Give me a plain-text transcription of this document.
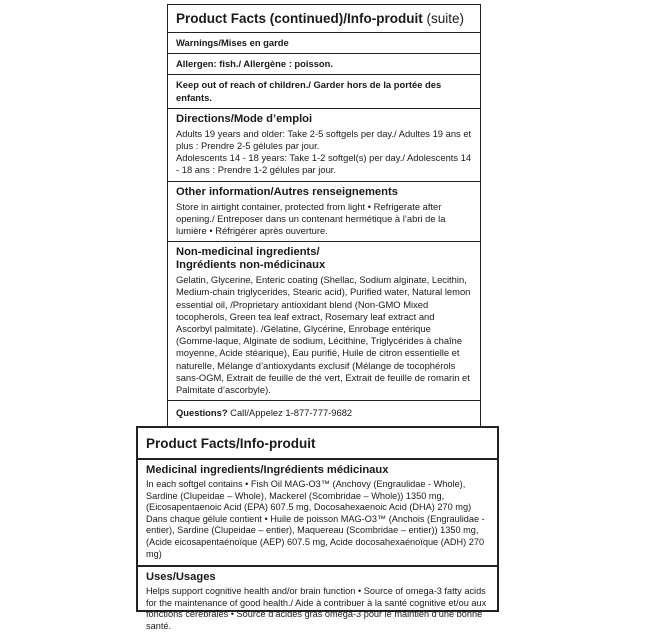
Product Facts (continued)/Info-produit (suite)

Warnings/Mises en garde

Allergen: fish./ Allergène : poisson.

Keep out of reach of children./ Garder hors de la portée des enfants.

Directions/Mode d’emploi

Adults 19 years and older: Take 2-5 softgels per day./ Adultes 19 ans et plus : Prendre 2-5 gélules par jour.

Adolescents 14 - 18 years: Take 1-2 softgel(s) per day./ Adolescents 14 - 18 ans : Prendre 1-2 gélules par jour.

Other information/Autres renseignements

Store in airtight container, protected from light • Refrigerate after opening./ Entreposer dans un contenant hermétique à l’abri de la lumière • Réfrigérer après ouverture.

Non-medicinal ingredients/

Ingrédients non-médicinaux

Gelatin, Glycerine, Enteric coating (Shellac, Sodium alginate, Lecithin, Medium-chain triglycerides, Stearic acid), Purified water, Natural lemon essential oil, /Proprietary antioxidant blend (Non-GMO Mixed tocopherols, Green tea leaf extract, Rosemary leaf extract and Ascorbyl palmitate). /Gélatine, Glycérine, Enrobage entérique (Gomme-laque, Alginate de sodium, Lécithine, Triglycérides à chaîne moyenne, Acide stéarique), Eau purifié, Huile de citron essentielle et naturelle, Mélange d’antioxydants exclusif (Mélange de tocophérols sans-OGM, Extrait de feuille de thé vert, Extrait de feuille de romarin et Palmitate d’ascorbyle).

Questions? Call/Appelez 1-877-777-9682

Product Facts/Info-produit

Medicinal ingredients/Ingrédients médicinaux

In each softgel contains • Fish Oil MAG-O3™ (Anchovy (Engraulidae - Whole), Sardine (Clupeidae – Whole), Mackerel (Scombridae – Whole)) 1350 mg, (Eicosapentaenoic Acid (EPA) 607.5 mg, Docosahexaenoic Acid (DHA) 270 mg)

Dans chaque gélule contient • Huile de poisson MAG-O3™ (Anchois (Engraulidae - entier), Sardine (Clupeidae – entier), Maquereau (Scombridae – entier)) 1350 mg, (Acide eicosapentaénoïque (AEP) 607.5 mg, Acide docosahexaénoïque (ADH) 270 mg)

Uses/Usages

Helps support cognitive health and/or brain function • Source of omega-3 fatty acids for the maintenance of good health./ Aide à contribuer à la santé cognitive et/ou aux fonctions cérébrales • Source d’acides gras oméga-3 pour le maintien d’une bonne santé.
